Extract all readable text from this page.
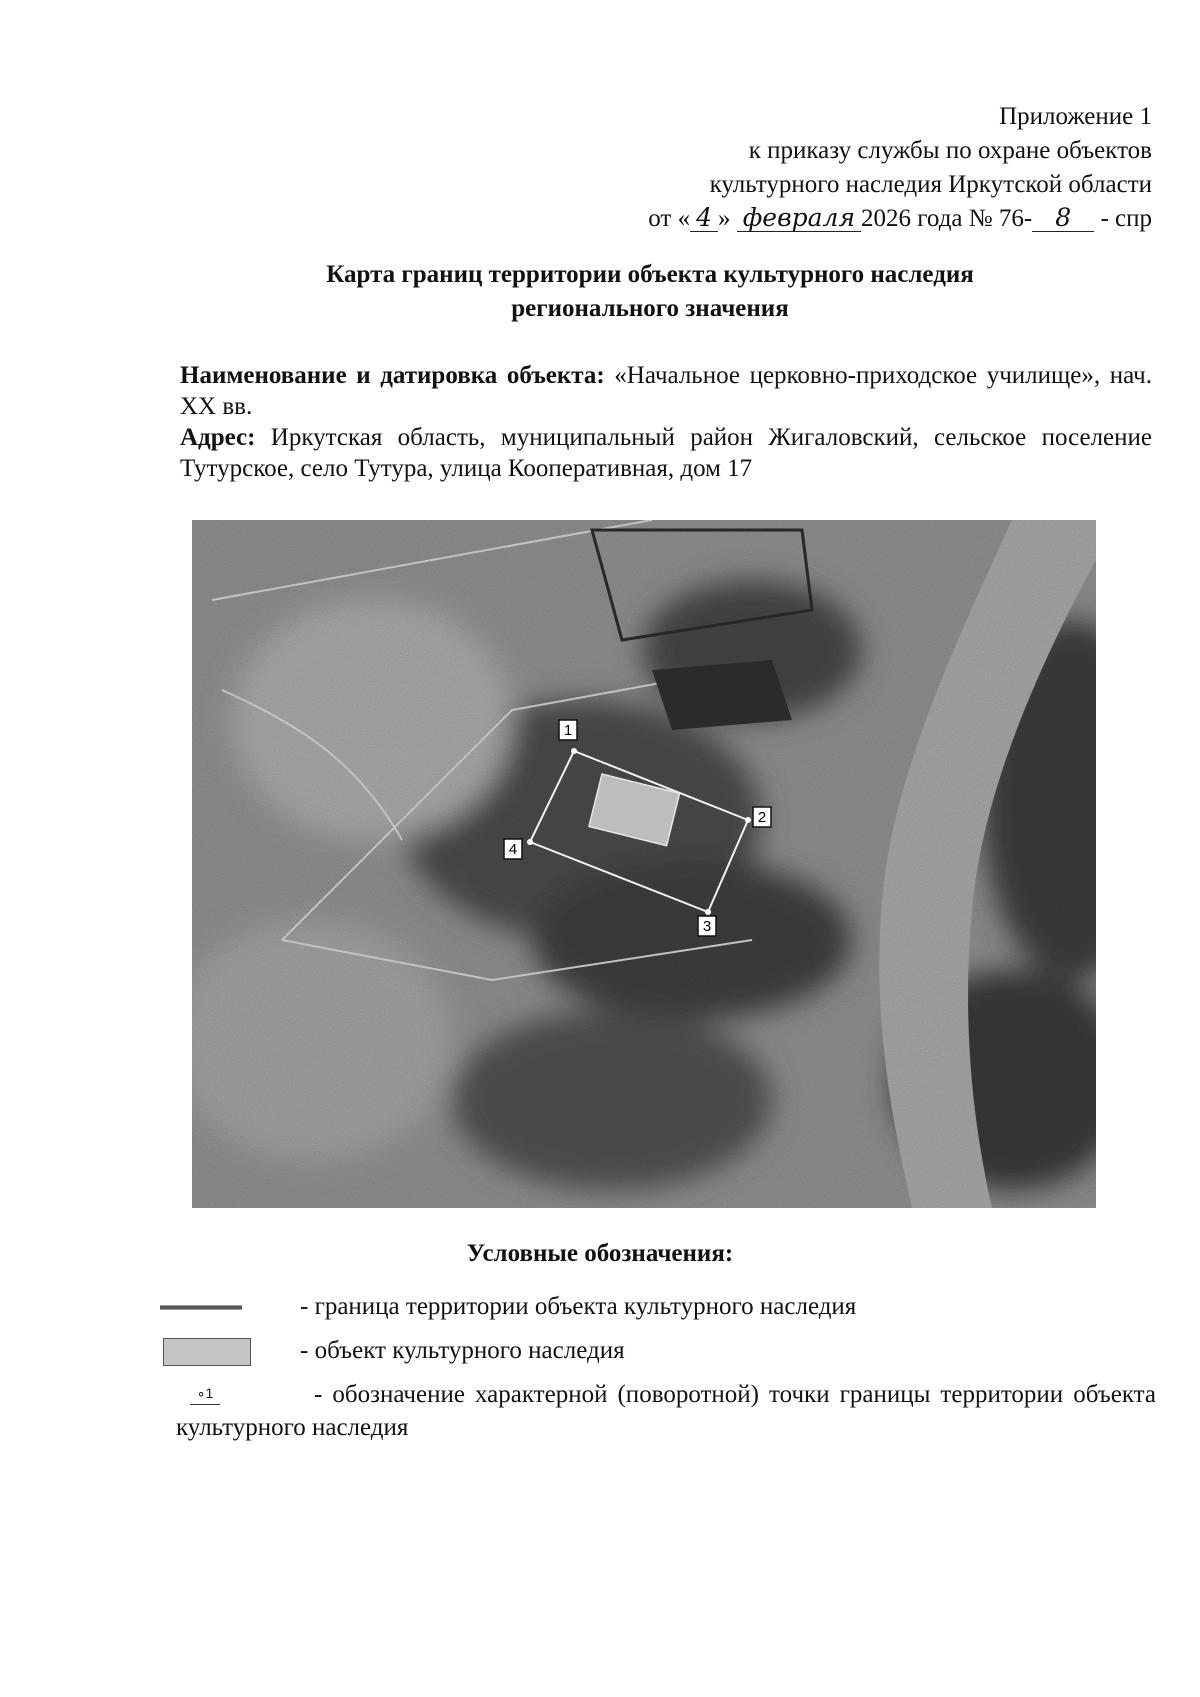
Приложение 1
к приказу службы по охране объектов
культурного наследия Иркутской области
от « 4 » февраля 2026 года № 76- 8 - спр
Карта границ территории объекта культурного наследия
регионального значения

Наименование и датировка объекта: «Начальное церковно-приходское училище», нач. XX вв.

Адрес: Иркутская область, муниципальный район Жигаловский, сельское поселение Тутурское, село Тутура, улица Кооперативная, дом 17

1
2
3
4
Условные обозначения:
- граница территории объекта культурного наследия
- объект культурного наследия
∘1	- обозначение характерной (поворотной) точки границы территории объекта культурного наследия
